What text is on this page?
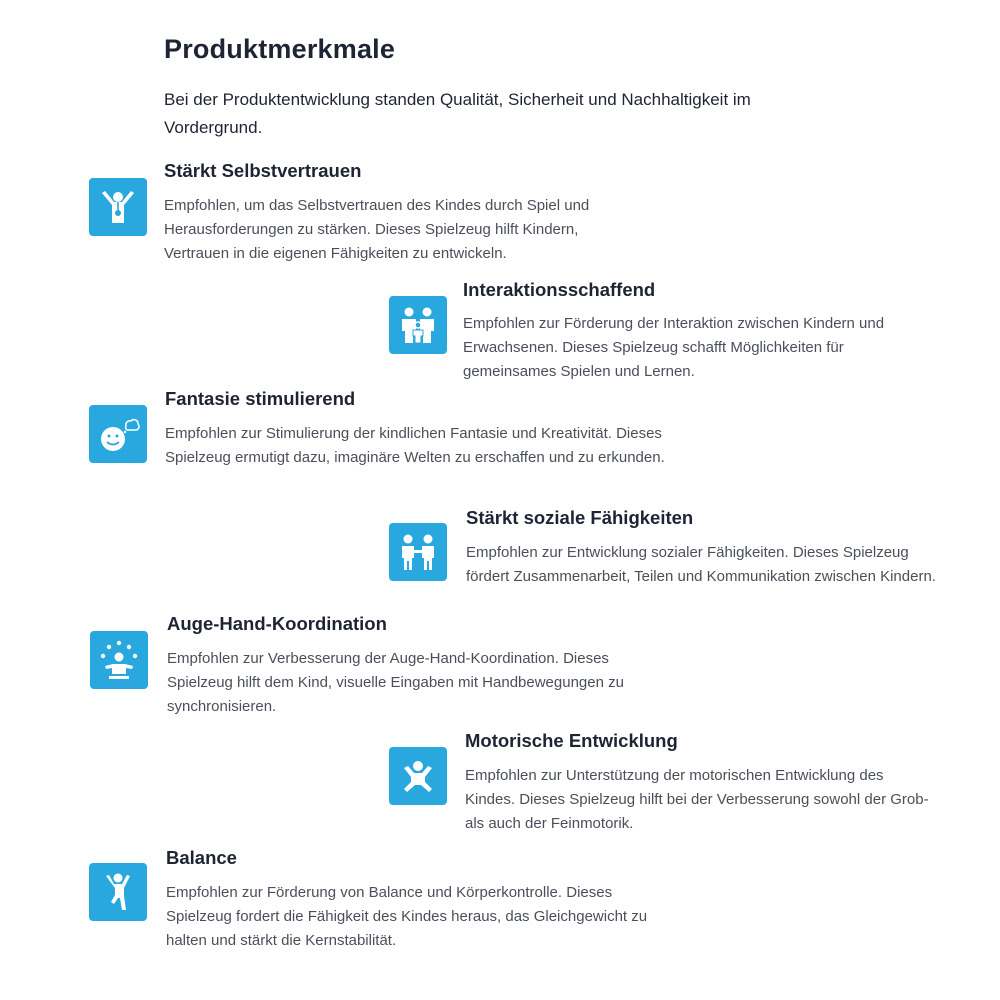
Produktmerkmale

Bei der Produktentwicklung standen Qualität, Sicherheit und Nachhaltigkeit im Vordergrund.

Stärkt Selbstvertrauen

Empfohlen, um das Selbstvertrauen des Kindes durch Spiel und Herausforderungen zu stärken. Dieses Spielzeug hilft Kindern, Vertrauen in die eigenen Fähigkeiten zu entwickeln.

Interaktionsschaffend

Empfohlen zur Förderung der Interaktion zwischen Kindern und Erwachsenen. Dieses Spielzeug schafft Möglichkeiten für gemeinsames Spielen und Lernen.

Fantasie stimulierend

Empfohlen zur Stimulierung der kindlichen Fantasie und Kreativität. Dieses Spielzeug ermutigt dazu, imaginäre Welten zu erschaffen und zu erkunden.

Stärkt soziale Fähigkeiten

Empfohlen zur Entwicklung sozialer Fähigkeiten. Dieses Spielzeug fördert Zusammenarbeit, Teilen und Kommunikation zwischen Kindern.

Auge-Hand-Koordination

Empfohlen zur Verbesserung der Auge-Hand-Koordination. Dieses Spielzeug hilft dem Kind, visuelle Eingaben mit Handbewegungen zu synchronisieren.

Motorische Entwicklung

Empfohlen zur Unterstützung der motorischen Entwicklung des Kindes. Dieses Spielzeug hilft bei der Verbesserung sowohl der Grob- als auch der Feinmotorik.

Balance

Empfohlen zur Förderung von Balance und Körperkontrolle. Dieses Spielzeug fordert die Fähigkeit des Kindes heraus, das Gleichgewicht zu halten und stärkt die Kernstabilität.
